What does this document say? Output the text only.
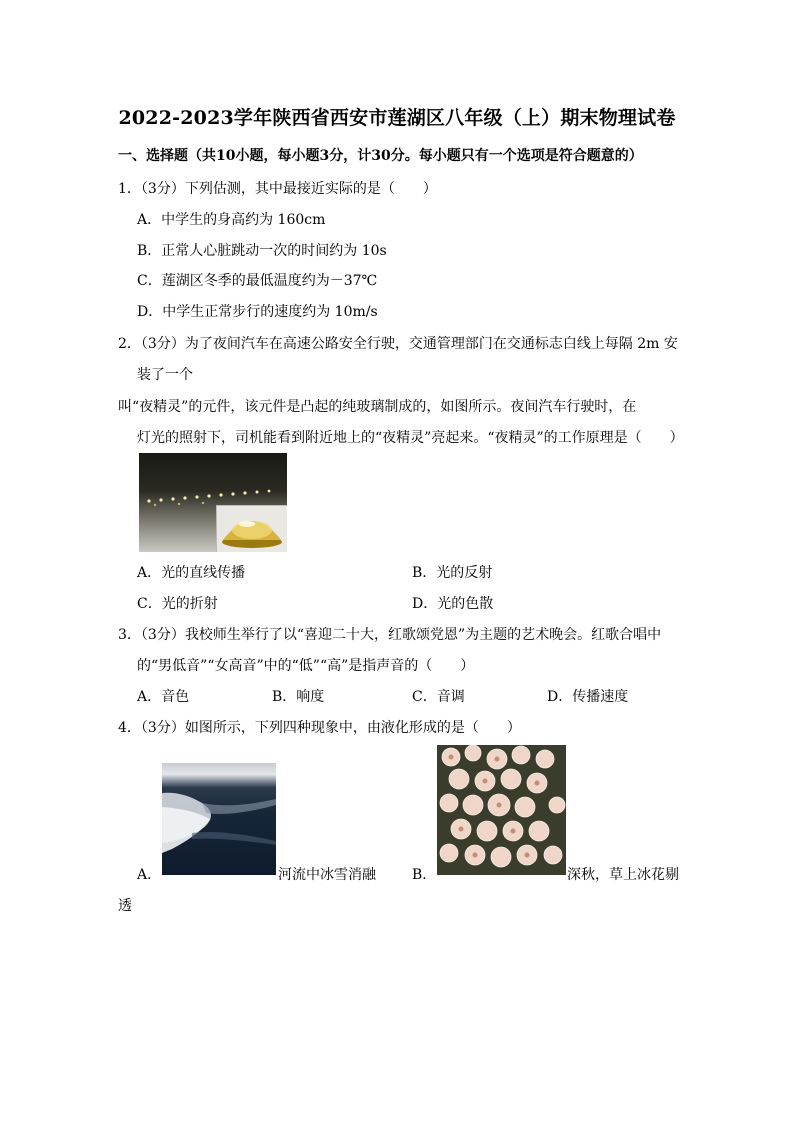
2022-2023学年陕西省西安市莲湖区八年级（上）期末物理试卷
一、选择题（共10小题，每小题3分，计30分。每小题只有一个选项是符合题意的）
1．（3分）下列估测，其中最接近实际的是（　　）
A．中学生的身高约为 160cm
B．正常人心脏跳动一次的时间约为 10s
C．莲湖区冬季的最低温度约为－37℃
D．中学生正常步行的速度约为 10m/s
2．（3分）为了夜间汽车在高速公路安全行驶，交通管理部门在交通标志白线上每隔 2m 安
装了一个
叫“夜精灵”的元件，该元件是凸起的纯玻璃制成的，如图所示。夜间汽车行驶时，在
灯光的照射下，司机能看到附近地上的“夜精灵”亮起来。“夜精灵”的工作原理是（　　）
A．光的直线传播	B．光的反射
C．光的折射	D．光的色散
3．（3分）我校师生举行了以“喜迎二十大，红歌颂党恩”为主题的艺术晚会。红歌合唱中
的“男低音”“女高音”中的“低”“高”是指声音的（　　）
A．音色	B．响度	C．音调	D．传播速度
4．（3分）如图所示，下列四种现象中，由液化形成的是（　　）
A．	河流中冰雪消融	B．	深秋，草上冰花剔
透
